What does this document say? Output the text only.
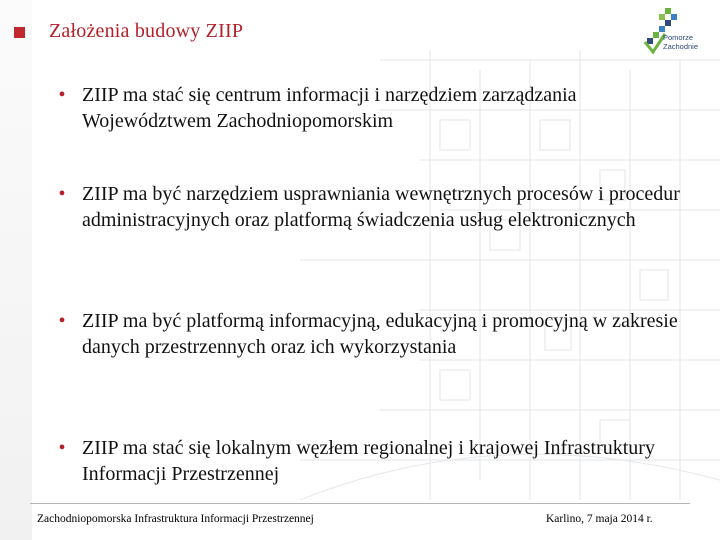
Założenia budowy ZIIP	Pomorze
Zachodnie
• ZIIP ma stać się centrum informacji i narzędziem zarządzania Województwem Zachodniopomorskim
• ZIIP ma być narzędziem usprawniania wewnętrznych procesów i procedur administracyjnych oraz platformą świadczenia usług elektronicznych
• ZIIP ma być platformą informacyjną, edukacyjną i promocyjną w zakresie danych przestrzennych oraz ich wykorzystania
• ZIIP ma stać się lokalnym węzłem regionalnej i krajowej Infrastruktury Informacji Przestrzennej
Zachodniopomorska Infrastruktura Informacji Przestrzennej	Karlino, 7 maja 2014 r.
